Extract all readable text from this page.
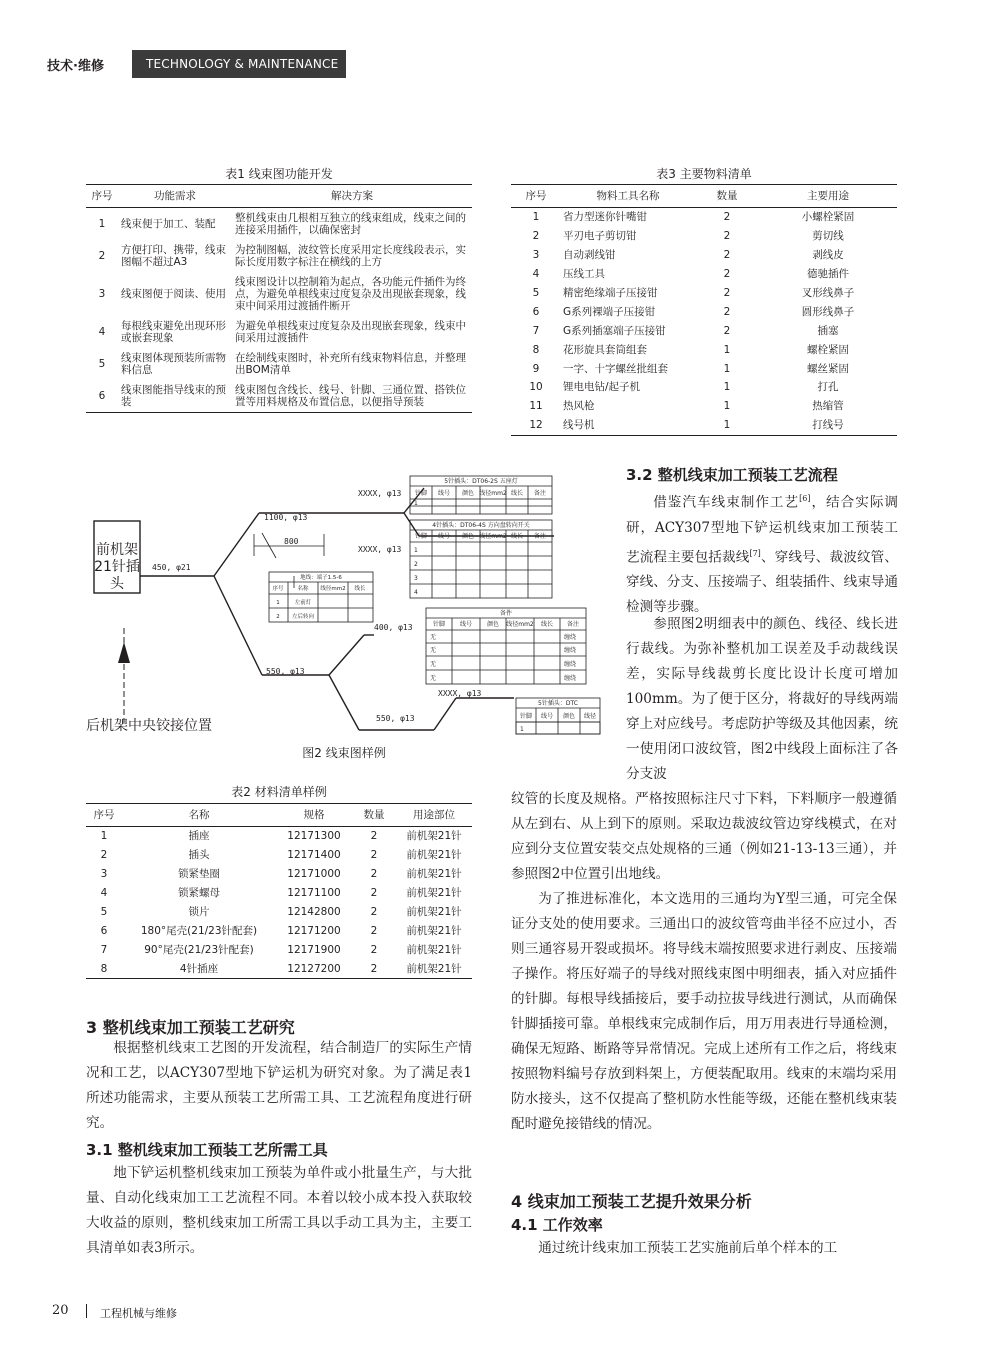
技术·维修	TECHNOLOGY & MAINTENANCE
表1 线束图功能开发
序号	功能需求	解决方案
1	线束便于加工、装配	整机线束由几根相互独立的线束组成，线束之间的连接采用插件，以确保密封
2	方便打印、携带，线束图幅不超过A3	为控制图幅，波纹管长度采用定长度线段表示，实际长度用数字标注在横线的上方
3	线束图便于阅读、使用	线束图设计以控制箱为起点，各功能元件插件为终点，为避免单根线束过度复杂及出现嵌套现象，线束中间采用过渡插件断开
4	每根线束避免出现环形或嵌套现象	为避免单根线束过度复杂及出现嵌套现象，线束中间采用过渡插件
5	线束图体现预装所需物料信息	在绘制线束图时，补充所有线束物料信息，并整理出BOM清单
6	线束图能指导线束的预装	线束图包含线长、线号、针脚、三通位置、搭铁位置等用料规格及布置信息，以便指导预装
表3 主要物料清单
序号	物料工具名称	数量	主要用途
1	省力型迷你针嘴钳	2	小螺栓紧固
2	平刃电子剪切钳	2	剪切线
3	自动剥线钳	2	剥线皮
4	压线工具	2	德驰插件
5	精密绝缘端子压接钳	2	叉形线鼻子
6	G系列裸端子压接钳	2	圆形线鼻子
7	G系列插塞端子压接钳	2	插塞
8	花形旋具套筒组套	1	螺栓紧固
9	一字、十字螺丝批组套	1	螺丝紧固
10	锂电电钻/起子机	1	打孔
11	热风枪	1	热缩管
12	线号机	1	打线号
450, φ21
1100, φ13
800
XXXX, φ13
XXXX, φ13
400, φ13
550, φ13
550, φ13
XXXX, φ13
前机架
21针插
头
后机架中央铰接位置
5针插头：DT06-2S 五座灯
针脚 线号 颜色 线径mm2 线长 备注
1
4针插头：DT06-4S 方向盘转向开关
针脚 线号 颜色 线径mm2 线长 备注
1
2
3
4
地线：端子1.5-6
序号	名称 线径mm2 线长
1	左前灯
2 左后转向	备件
针脚 线号 颜色 线径mm2 线长 备注
无	缠绕
无	缠绕
无	缠绕
无	缠绕
5针插头：DTC
针脚 线号 颜色 线径
1
图2 线束图样例
表2 材料清单样例
序号	名称	规格	数量	用途部位
1	插座	12171300	2	前机架21针
2	插头	12171400	2	前机架21针
3	锁紧垫圈	12171000	2	前机架21针
4	锁紧螺母	12171100	2	前机架21针
5	锁片	12142800	2	前机架21针
6	180°尾壳(21/23针配套)	12171200	2	前机架21针
7	90°尾壳(21/23针配套)	12171900	2	前机架21针
8	4针插座	12127200	2	前机架21针
3 整机线束加工预装工艺研究

根据整机线束工艺图的开发流程，结合制造厂的实际生产情况和工艺，以ACY307型地下铲运机为研究对象。为了满足表1所述功能需求，主要从预装工艺所需工具、工艺流程角度进行研究。

3.1 整机线束加工预装工艺所需工具

地下铲运机整机线束加工预装为单件或小批量生产，与大批量、自动化线束加工工艺流程不同。本着以较小成本投入获取较大收益的原则，整机线束加工所需工具以手动工具为主，主要工具清单如表3所示。

3.2 整机线束加工预装工艺流程

借鉴汽车线束制作工艺[6]，结合实际调研，ACY307型地下铲运机线束加工预装工艺流程主要包括裁线[7]、穿线号、裁波纹管、穿线、分支、压接端子、组装插件、线束导通检测等步骤。

参照图2明细表中的颜色、线径、线长进行裁线。为弥补整机加工误差及手动裁线误差，实际导线裁剪长度比设计长度可增加100mm。为了便于区分，将裁好的导线两端穿上对应线号。考虑防护等级及其他因素，统一使用闭口波纹管，图2中线段上面标注了各分支波

纹管的长度及规格。严格按照标注尺寸下料，下料顺序一般遵循从左到右、从上到下的原则。采取边裁波纹管边穿线模式，在对应到分支位置安装交点处规格的三通（例如21-13-13三通），并参照图2中位置引出地线。

为了推进标准化，本文选用的三通均为Y型三通，可完全保证分支处的使用要求。三通出口的波纹管弯曲半径不应过小，否则三通容易开裂或损坏。将导线末端按照要求进行剥皮、压接端子操作。将压好端子的导线对照线束图中明细表，插入对应插件的针脚。每根导线插接后，要手动拉拔导线进行测试，从而确保针脚插接可靠。单根线束完成制作后，用万用表进行导通检测，确保无短路、断路等异常情况。完成上述所有工作之后，将线束按照物料编号存放到料架上，方便装配取用。线束的末端均采用防水接头，这不仅提高了整机防水性能等级，还能在整机线束装配时避免接错线的情况。

4 线束加工预装工艺提升效果分析
4.1 工作效率

通过统计线束加工预装工艺实施前后单个样本的工

20	工程机械与维修
